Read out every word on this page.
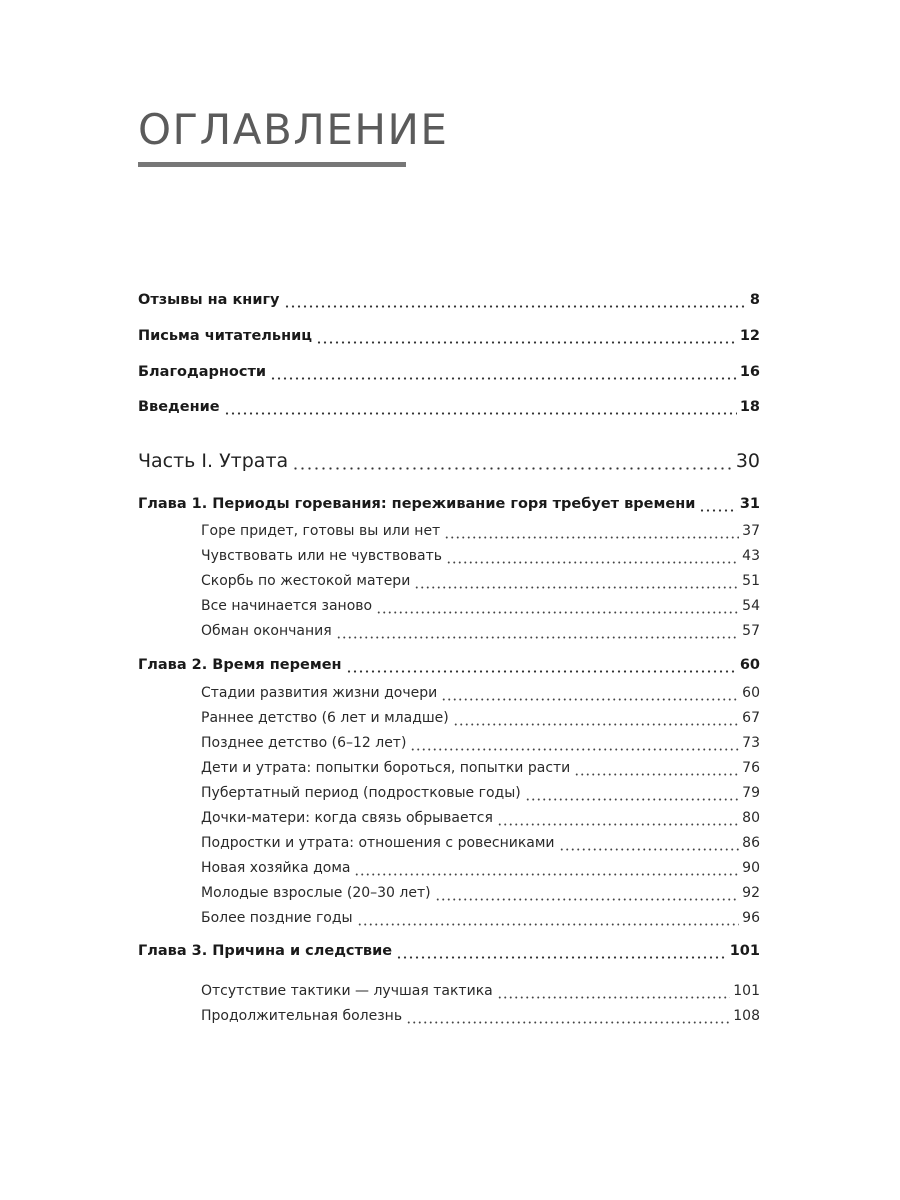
ОГЛАВЛЕНИЕ
Отзывы на книгу	8
Письма читательниц	12
Благодарности	16
Введение	18
Часть I. Утрата	30
Глава 1. Периоды горевания: переживание горя требует времени	31
Горе придет, готовы вы или нет	37
Чувствовать или не чувствовать	43
Скорбь по жестокой матери	51
Все начинается заново	54
Обман окончания	57
Глава 2. Время перемен	60
Стадии развития жизни дочери	60
Раннее детство (6 лет и младше)	67
Позднее детство (6–12 лет)	73
Дети и утрата: попытки бороться, попытки расти	76
Пубертатный период (подростковые годы)	79
Дочки-матери: когда связь обрывается	80
Подростки и утрата: отношения с ровесниками	86
Новая хозяйка дома	90
Молодые взрослые (20–30 лет)	92
Более поздние годы	96
Глава 3. Причина и следствие	101
Отсутствие тактики — лучшая тактика	101
Продолжительная болезнь	108
